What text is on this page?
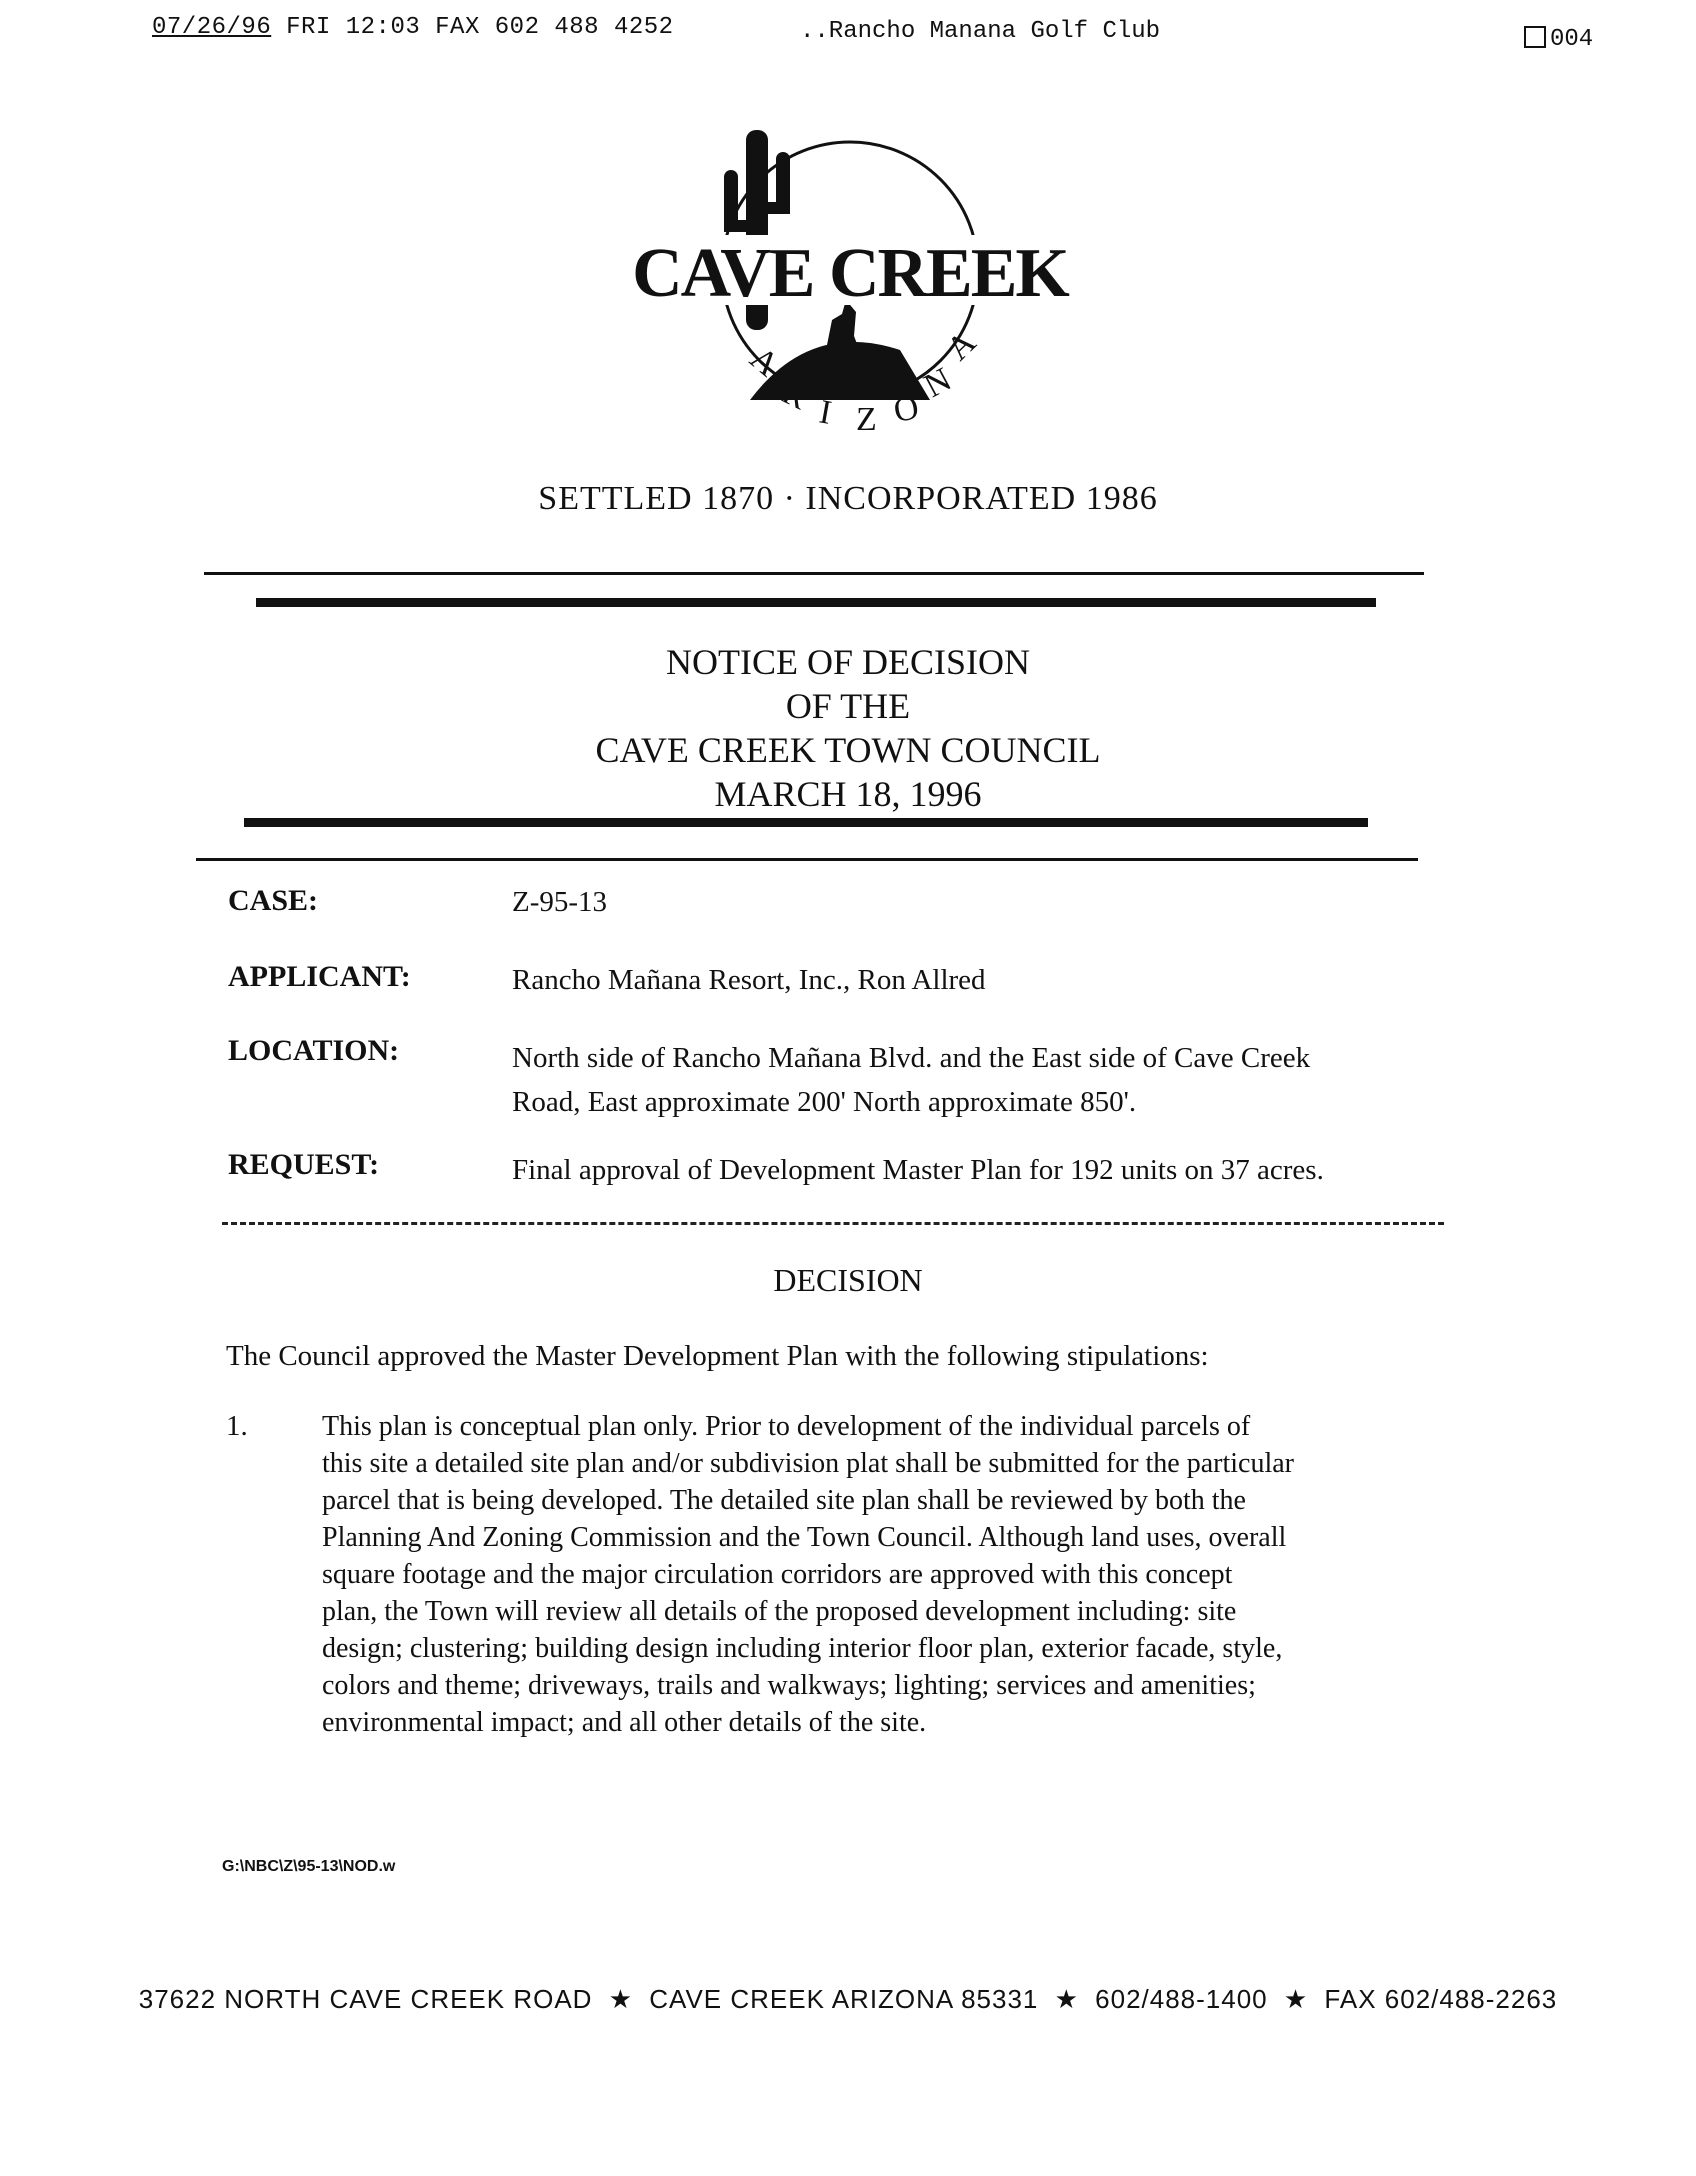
07/26/96 FRI 12:03 FAX 602 488 4252	..Rancho Manana Golf Club	004
CAVE CREEK
A
R I Z O
N
A
SETTLED 1870 · INCORPORATED 1986
NOTICE OF DECISION
OF THE
CAVE CREEK TOWN COUNCIL
MARCH 18, 1996
CASE:	Z-95-13
APPLICANT:	Rancho Mañana Resort, Inc., Ron Allred
LOCATION:	North side of Rancho Mañana Blvd. and the East side of Cave Creek
Road, East approximate 200' North approximate 850'.
REQUEST:	Final approval of Development Master Plan for 192 units on 37 acres.
DECISION
The Council approved the Master Development Plan with the following stipulations:
1.	This plan is conceptual plan only. Prior to development of the individual parcels of
this site a detailed site plan and/or subdivision plat shall be submitted for the particular
parcel that is being developed. The detailed site plan shall be reviewed by both the
Planning And Zoning Commission and the Town Council. Although land uses, overall
square footage and the major circulation corridors are approved with this concept
plan, the Town will review all details of the proposed development including: site
design; clustering; building design including interior floor plan, exterior facade, style,
colors and theme; driveways, trails and walkways; lighting; services and amenities;
environmental impact; and all other details of the site.
G:\NBC\Z\95-13\NOD.w
37622 NORTH CAVE CREEK ROAD ★ CAVE CREEK ARIZONA 85331 ★ 602/488-1400 ★ FAX 602/488-2263
